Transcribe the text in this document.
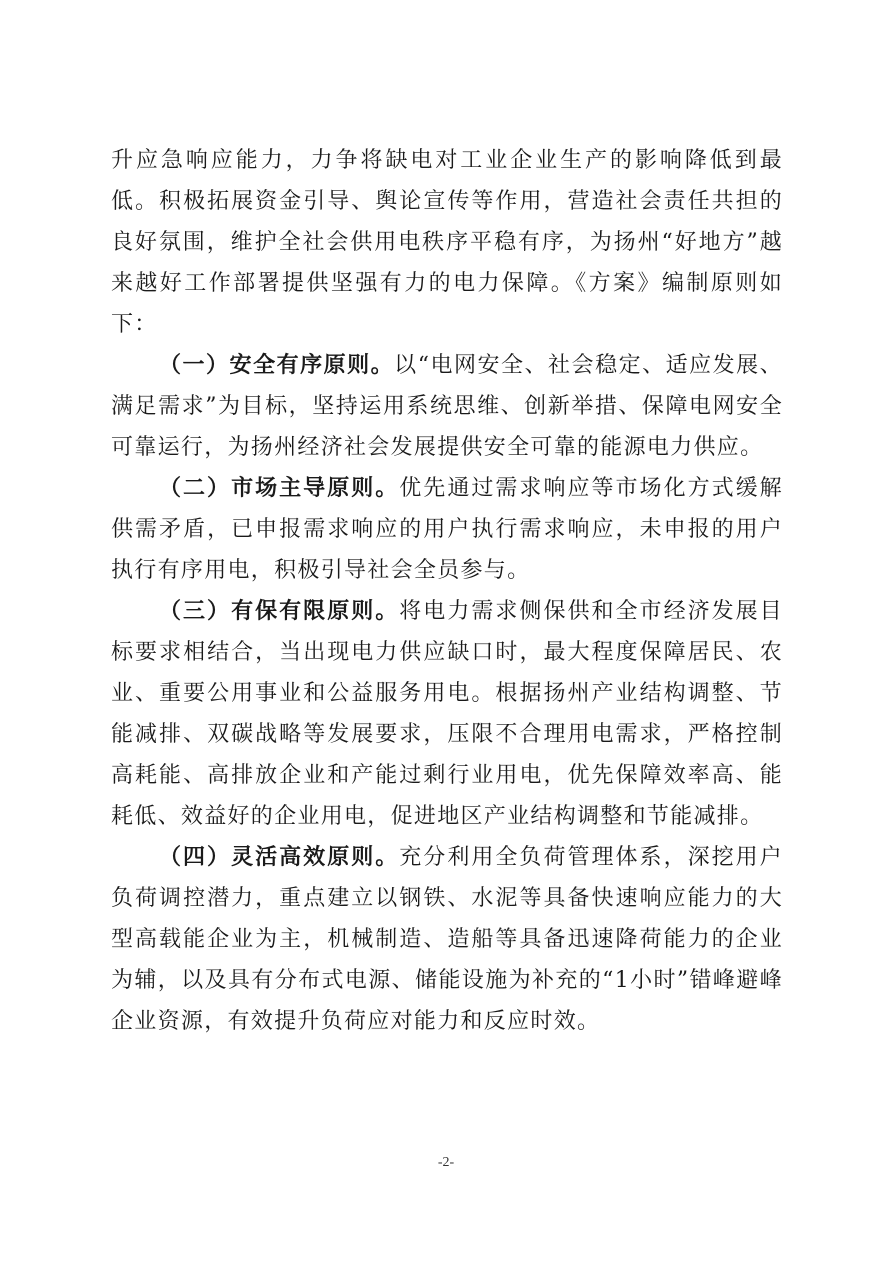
升应急响应能力，力争将缺电对工业企业生产的影响降低到最低。积极拓展资金引导、舆论宣传等作用，营造社会责任共担的良好氛围，维护全社会供用电秩序平稳有序，为扬州“好地方”越来越好工作部署提供坚强有力的电力保障。《方案》编制原则如下：

（一）安全有序原则。以“电网安全、社会稳定、适应发展、满足需求”为目标，坚持运用系统思维、创新举措、保障电网安全可靠运行，为扬州经济社会发展提供安全可靠的能源电力供应。

（二）市场主导原则。优先通过需求响应等市场化方式缓解供需矛盾，已申报需求响应的用户执行需求响应，未申报的用户执行有序用电，积极引导社会全员参与。

（三）有保有限原则。将电力需求侧保供和全市经济发展目标要求相结合，当出现电力供应缺口时，最大程度保障居民、农业、重要公用事业和公益服务用电。根据扬州产业结构调整、节能减排、双碳战略等发展要求，压限不合理用电需求，严格控制高耗能、高排放企业和产能过剩行业用电，优先保障效率高、能耗低、效益好的企业用电，促进地区产业结构调整和节能减排。

（四）灵活高效原则。充分利用全负荷管理体系，深挖用户负荷调控潜力，重点建立以钢铁、水泥等具备快速响应能力的大型高载能企业为主，机械制造、造船等具备迅速降荷能力的企业为辅，以及具有分布式电源、储能设施为补充的“1小时”错峰避峰企业资源，有效提升负荷应对能力和反应时效。

-2-
